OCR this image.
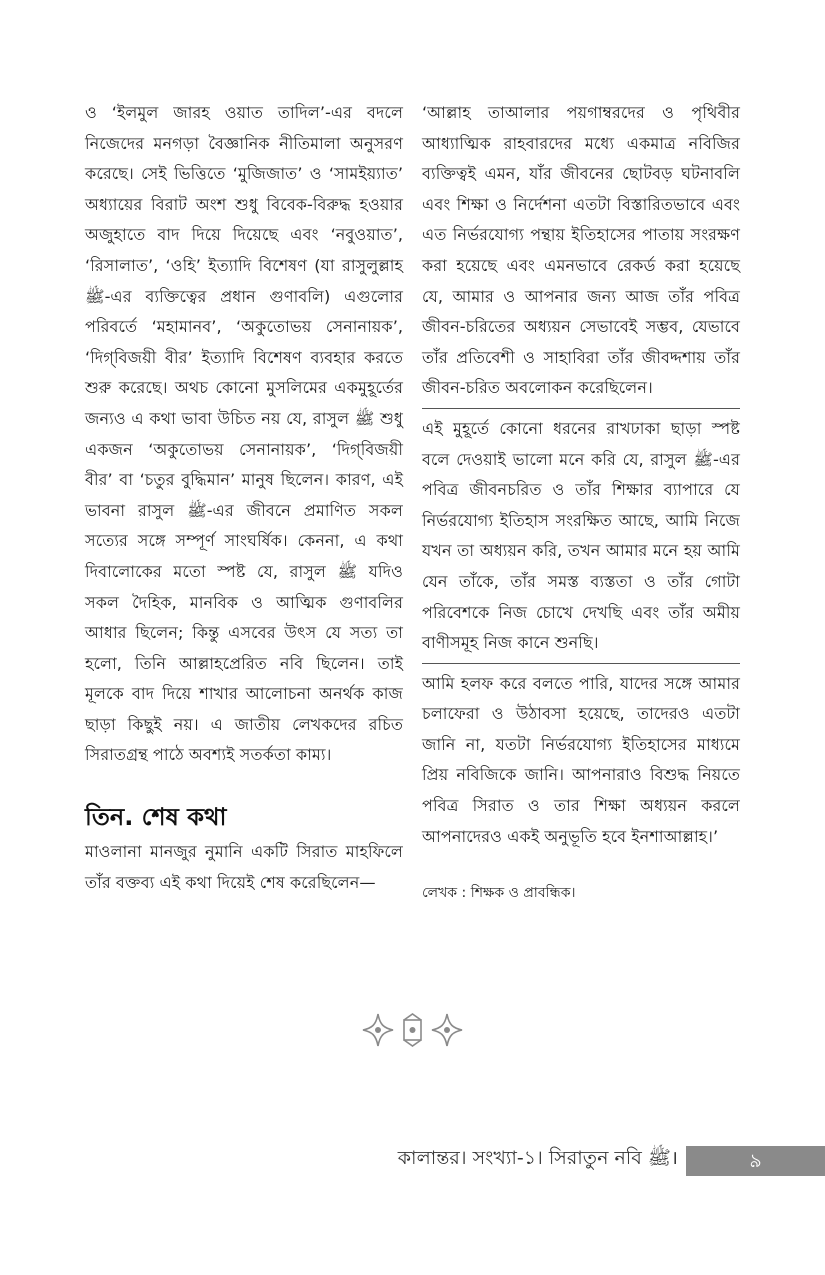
ও ‘ইলমুল জারহ ওয়াত তাদিল’-এর বদলে নিজেদের মনগড়া বৈজ্ঞানিক নীতিমালা অনুসরণ করেছে। সেই ভিত্তিতে ‘মুজিজাত’ ও ‘সামইয়্যাত’ অধ্যায়ের বিরাট অংশ শুধু বিবেক-বিরুদ্ধ হওয়ার অজুহাতে বাদ দিয়ে দিয়েছে এবং ‘নবুওয়াত’, ‘রিসালাত’, ‘ওহি’ ইত্যাদি বিশেষণ (যা রাসুলুল্লাহ ﷺ-এর ব্যক্তিত্বের প্রধান গুণাবলি) এগুলোর পরিবর্তে ‘মহামানব’, ‘অকুতোভয় সেনানায়ক’, ‘দিগ্‌বিজয়ী বীর’ ইত্যাদি বিশেষণ ব্যবহার করতে শুরু করেছে। অথচ কোনো মুসলিমের একমুহূর্তের জন্যও এ কথা ভাবা উচিত নয় যে, রাসুল ﷺ শুধু একজন ‘অকুতোভয় সেনানায়ক’, ‘দিগ্‌বিজয়ী বীর’ বা ‘চতুর বুদ্ধিমান’ মানুষ ছিলেন। কারণ, এই ভাবনা রাসুল ﷺ-এর জীবনে প্রমাণিত সকল সত্যের সঙ্গে সম্পূর্ণ সাংঘর্ষিক। কেননা, এ কথা দিবালোকের মতো স্পষ্ট যে, রাসুল ﷺ যদিও সকল দৈহিক, মানবিক ও আত্মিক গুণাবলির আধার ছিলেন; কিন্তু এসবের উৎস যে সত্য তা হলো, তিনি আল্লাহপ্রেরিত নবি ছিলেন। তাই মূলকে বাদ দিয়ে শাখার আলোচনা অনর্থক কাজ ছাড়া কিছুই নয়। এ জাতীয় লেখকদের রচিত সিরাতগ্রন্থ পাঠে অবশ্যই সতর্কতা কাম্য।

তিন. শেষ কথা

মাওলানা মানজুর নুমানি একটি সিরাত মাহফিলে তাঁর বক্তব্য এই কথা দিয়েই শেষ করেছিলেন—

‘আল্লাহ তাআলার পয়গাম্বরদের ও পৃথিবীর আধ্যাত্মিক রাহবারদের মধ্যে একমাত্র নবিজির ব্যক্তিত্বই এমন, যাঁর জীবনের ছোটবড় ঘটনাবলি এবং শিক্ষা ও নির্দেশনা এতটা বিস্তারিতভাবে এবং এত নির্ভরযোগ্য পন্থায় ইতিহাসের পাতায় সংরক্ষণ করা হয়েছে এবং এমনভাবে রেকর্ড করা হয়েছে যে, আমার ও আপনার জন্য আজ তাঁর পবিত্র জীবন-চরিতের অধ্যয়ন সেভাবেই সম্ভব, যেভাবে তাঁর প্রতিবেশী ও সাহাবিরা তাঁর জীবদ্দশায় তাঁর জীবন-চরিত অবলোকন করেছিলেন।

এই মুহূর্তে কোনো ধরনের রাখঢাকা ছাড়া স্পষ্ট বলে দেওয়াই ভালো মনে করি যে, রাসুল ﷺ-এর পবিত্র জীবনচরিত ও তাঁর শিক্ষার ব্যাপারে যে নির্ভরযোগ্য ইতিহাস সংরক্ষিত আছে, আমি নিজে যখন তা অধ্যয়ন করি, তখন আমার মনে হয় আমি যেন তাঁকে, তাঁর সমস্ত ব্যস্ততা ও তাঁর গোটা পরিবেশকে নিজ চোখে দেখছি এবং তাঁর অমীয় বাণীসমূহ নিজ কানে শুনছি।

আমি হলফ করে বলতে পারি, যাদের সঙ্গে আমার চলাফেরা ও উঠাবসা হয়েছে, তাদেরও এতটা জানি না, যতটা নির্ভরযোগ্য ইতিহাসের মাধ্যমে প্রিয় নবিজিকে জানি। আপনারাও বিশুদ্ধ নিয়তে পবিত্র সিরাত ও তার শিক্ষা অধ্যয়ন করলে আপনাদেরও একই অনুভূতি হবে ইনশাআল্লাহ।’

লেখক : শিক্ষক ও প্রাবন্ধিক।

কালান্তর। সংখ্যা-১। সিরাতুন নবি ﷺ।	৯
